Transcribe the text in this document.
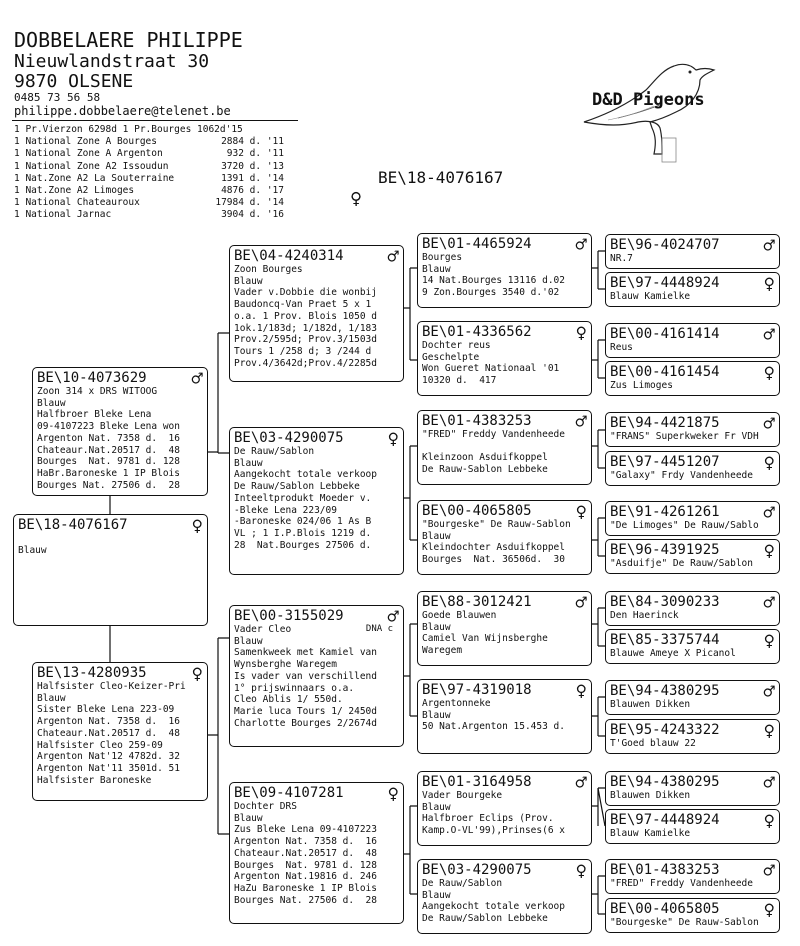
DOBBELAERE PHILIPPE
Nieuwlandstraat 30
9870 OLSENE
0485 73 56 58
philippe.dobbelaere@telenet.be
1 Pr.Vierzon 6298d 1 Pr.Bourges 1062d'15
1 National Zone A Bourges	2884 d. '11
1 National Zone A Argenton	932 d. '11
1 National Zone A2 Issoudun	3720 d. '13
1 Nat.Zone A2 La Souterraine	1391 d. '14
1 Nat.Zone A2 Limoges	4876 d. '17
1 National Chateauroux	17984 d. '14
1 National Jarnac	3904 d. '16
D&D Pigeons
BE\18-4076167
♀
BE\18-4076167	♀

Blauw
BE\10-4073629	♂
Zoon 314 x DRS WITOOG
Blauw
Halfbroer Bleke Lena
09-4107223 Bleke Lena won
Argenton Nat. 7358 d.  16
Chateaur.Nat.20517 d.  48
Bourges  Nat. 9781 d. 128
HaBr.Baroneske 1 IP Blois
Bourges Nat. 27506 d.  28
BE\13-4280935	♀
Halfsister Cleo-Keizer-Pri
Blauw
Sister Bleke Lena 223-09
Argenton Nat. 7358 d.  16
Chateaur.Nat.20517 d.  48
Halfsister Cleo 259-09
Argenton Nat'12 4782d. 32
Argenton Nat'11 3501d. 51
Halfsister Baroneske
BE\04-4240314	♂
Zoon Bourges
Blauw
Vader v.Dobbie die wonbij
Baudoncq-Van Praet 5 x 1
o.a. 1 Prov. Blois 1050 d
1ok.1/183d; 1/182d, 1/183
Prov.2/595d; Prov.3/1503d
Tours 1 /258 d; 3 /244 d
Prov.4/3642d;Prov.4/2285d
BE\03-4290075	♀
De Rauw/Sablon
Blauw
Aangekocht totale verkoop
De Rauw/Sablon Lebbeke
Inteeltprodukt Moeder v.
-Bleke Lena 223/09
-Baroneske 024/06 1 As B
VL ; 1 I.P.Blois 1219 d.
28  Nat.Bourges 27506 d.
BE\00-3155029	♂
DNA c
Vader Cleo
Blauw
Samenkweek met Kamiel van
Wynsberghe Waregem
Is vader van verschillend
1° prijswinnaars o.a.
Cleo Ablis 1/ 550d.
Marie luca Tours 1/ 2450d
Charlotte Bourges 2/2674d
BE\09-4107281	♀
Dochter DRS
Blauw
Zus Bleke Lena 09-4107223
Argenton Nat. 7358 d.  16
Chateaur.Nat.20517 d.  48
Bourges  Nat. 9781 d. 128
Argenton Nat.19816 d. 246
HaZu Baroneske 1 IP Blois
Bourges Nat. 27506 d.  28
BE\01-4465924	♂
Bourges
Blauw
14 Nat.Bourges 13116 d.02
9 Zon.Bourges 3540 d.'02
BE\01-4336562	♀
Dochter reus
Geschelpte
Won Gueret Nationaal '01
10320 d.  417
BE\01-4383253	♂
"FRED" Freddy Vandenheede

Kleinzoon Asduifkoppel
De Rauw-Sablon Lebbeke
BE\00-4065805	♀
"Bourgeske" De Rauw-Sablon
Blauw
Kleindochter Asduifkoppel
Bourges  Nat. 36506d.  30
BE\88-3012421	♂
Goede Blauwen
Blauw
Camiel Van Wijnsberghe
Waregem
BE\97-4319018	♀
Argentonneke
Blauw
50 Nat.Argenton 15.453 d.
BE\01-3164958	♂
Vader Bourgeke
Blauw
Halfbroer Eclips (Prov.
Kamp.O-VL'99),Prinses(6 x
BE\03-4290075	♀
De Rauw/Sablon
Blauw
Aangekocht totale verkoop
De Rauw/Sablon Lebbeke
BE\96-4024707	♂
NR.7
BE\97-4448924	♀
Blauw Kamielke
BE\00-4161414	♂
Reus
BE\00-4161454	♀
Zus Limoges
BE\94-4421875	♂
"FRANS" Superkweker Fr VDH
BE\97-4451207	♀
"Galaxy" Frdy Vandenheede
BE\91-4261261	♂
"De Limoges" De Rauw/Sablo
BE\96-4391925	♀
"Asduifje" De Rauw/Sablon
BE\84-3090233	♂
Den Haerinck
BE\85-3375744	♀
Blauwe Ameye X Picanol
BE\94-4380295	♂
Blauwen Dikken
BE\95-4243322	♀
T'Goed blauw 22
BE\94-4380295	♂
Blauwen Dikken
BE\97-4448924	♀
Blauw Kamielke
BE\01-4383253	♂
"FRED" Freddy Vandenheede
BE\00-4065805	♀
"Bourgeske" De Rauw-Sablon
